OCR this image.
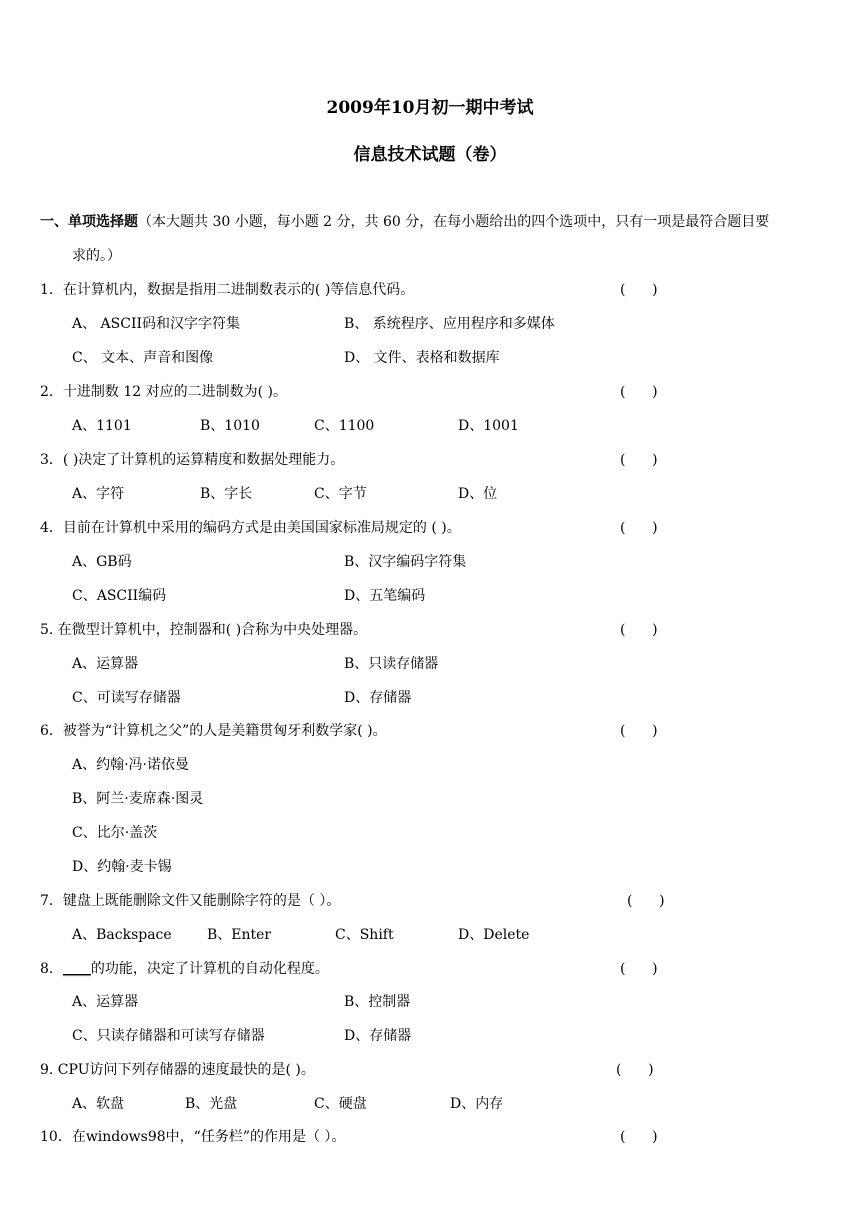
2009年10月初一期中考试
信息技术试题（卷）
一、单项选择题（本大题共 30 小题，每小题 2 分，共 60 分，在每小题给出的四个选项中，只有一项是最符合题目要
求的。）
1．在计算机内，数据是指用二进制数表示的( )等信息代码。	(      )
A、 ASCII码和汉字字符集	B、 系统程序、应用程序和多媒体
C、 文本、声音和图像	D、 文件、表格和数据库
2．十进制数 12 对应的二进制数为( )。	(      )
A、1101	B、1010	C、1100	D、1001
3．( )决定了计算机的运算精度和数据处理能力。	(      )
A、字符	B、字长	C、字节	D、位
4．目前在计算机中采用的编码方式是由美国国家标准局规定的 ( )。	(      )
A、GB码	B、汉字编码字符集
C、ASCII编码	D、五笔编码
5. 在微型计算机中，控制器和( )合称为中央处理器。	(      )
A、运算器	B、只读存储器
C、可读写存储器	D、存储器
6．被誉为“计算机之父”的人是美籍贯匈牙利数学家( )。	(      )
A、约翰·冯·诺依曼
B、阿兰·麦席森·图灵
C、比尔·盖茨
D、约翰·麦卡锡
7．键盘上既能删除文件又能删除字符的是（ ）。	(      )
A、Backspace	B、Enter	C、Shift	D、Delete
8．____的功能，决定了计算机的自动化程度。	(      )
A、运算器	B、控制器
C、只读存储器和可读写存储器	D、存储器
9. CPU访问下列存储器的速度最快的是( )。	(      )
A、软盘	B、光盘	C、硬盘	D、内存
10．在windows98中，“任务栏”的作用是（ ）。	(      )
